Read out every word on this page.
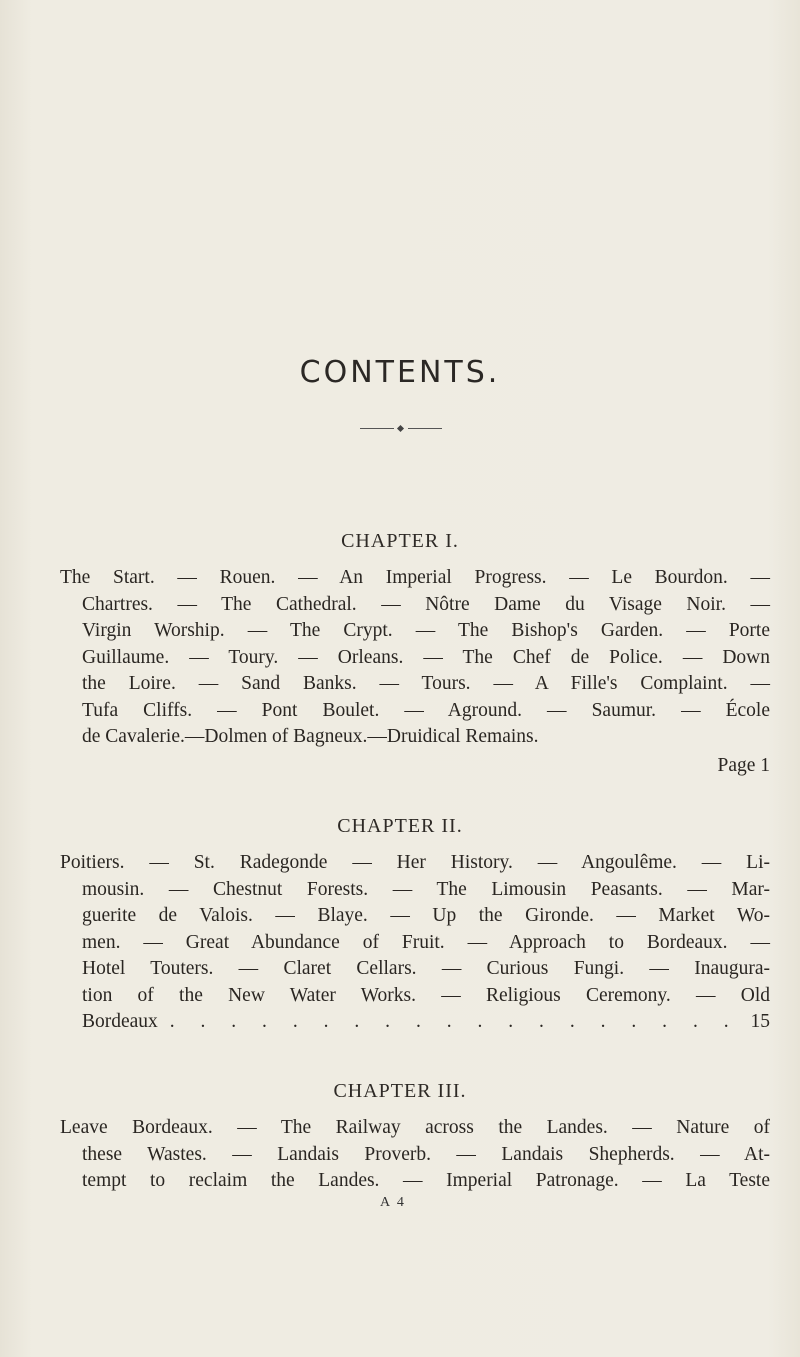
CONTENTS.
CHAPTER I.
The Start. — Rouen. — An Imperial Progress. — Le Bourdon. —
Chartres. — The Cathedral. — Nôtre Dame du Visage Noir. —
Virgin Worship. — The Crypt. — The Bishop's Garden. — Porte
Guillaume. — Toury. — Orleans. — The Chef de Police. — Down
the Loire. — Sand Banks. — Tours. — A Fille's Complaint. —
Tufa Cliffs. — Pont Boulet. — Aground. — Saumur. — École
de Cavalerie.—Dolmen of Bagneux.—Druidical Remains.
Page 1
CHAPTER II.
Poitiers. — St. Radegonde — Her History. — Angoulême. — Li-
mousin. — Chestnut Forests. — The Limousin Peasants. — Mar-
guerite de Valois. — Blaye. — Up the Gironde. — Market Wo-
men. — Great Abundance of Fruit. — Approach to Bordeaux. —
Hotel Touters. — Claret Cellars. — Curious Fungi. — Inaugura-
tion of the New Water Works. — Religious Ceremony. — Old
Bordeaux . . . . . . . . . . . . . . . . . . . 15
CHAPTER III.
A 4
Leave Bordeaux. — The Railway across the Landes. — Nature of
these Wastes. — Landais Proverb. — Landais Shepherds. — At-
tempt to reclaim the Landes. — Imperial Patronage. — La Teste
